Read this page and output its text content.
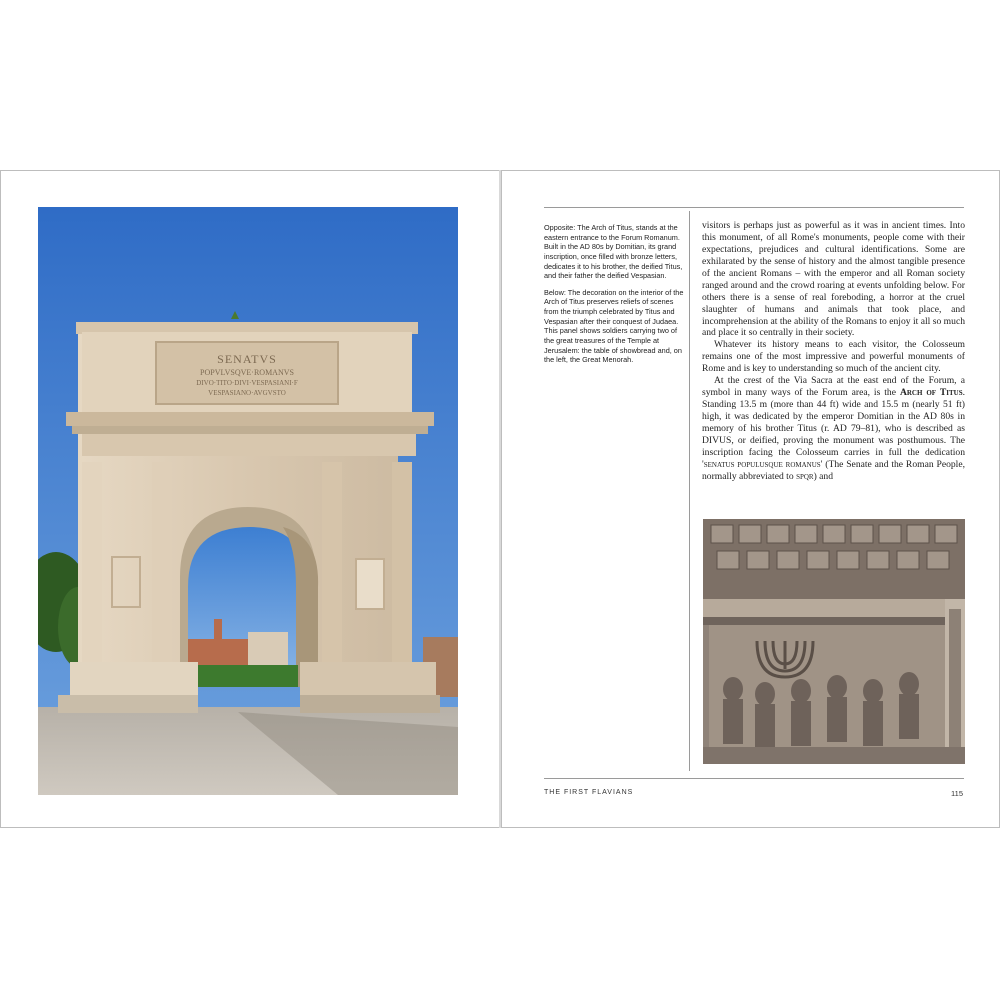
SENATVS
POPVLVSQVE·ROMANVS
DIVO·TITO·DIVI·VESPASIANI·F
VESPASIANO·AVGVSTO

Opposite: The Arch of Titus, stands at the eastern entrance to the Forum Romanum. Built in the AD 80s by Domitian, its grand inscription, once filled with bronze letters, dedicates it to his brother, the deified Titus, and their father the deified Vespasian.

Below: The decoration on the interior of the Arch of Titus preserves reliefs of scenes from the triumph celebrated by Titus and Vespasian after their conquest of Judaea. This panel shows soldiers carrying two of the great treasures of the Temple at Jerusalem: the table of showbread and, on the left, the Great Menorah.

visitors is perhaps just as powerful as it was in ancient times. Into this monument, of all Rome's monuments, people come with their expectations, prejudices and cultural identifications. Some are exhilarated by the sense of history and the almost tangible presence of the ancient Romans – with the emperor and all Roman society ranged around and the crowd roaring at events unfolding below. For others there is a sense of real foreboding, a horror at the cruel slaughter of humans and animals that took place, and incomprehension at the ability of the Romans to enjoy it all so much and place it so centrally in their society.

Whatever its history means to each visitor, the Colosseum remains one of the most impressive and powerful monuments of Rome and is key to understanding so much of the ancient city.

At the crest of the Via Sacra at the east end of the Forum, a symbol in many ways of the Forum area, is the Arch of Titus. Standing 13.5 m (more than 44 ft) wide and 15.5 m (nearly 51 ft) high, it was dedicated by the emperor Domitian in the AD 80s in memory of his brother Titus (r. AD 79–81), who is described as DIVUS, or deified, proving the monument was posthumous. The inscription facing the Colosseum carries in full the dedication 'senatus populusque romanus' (The Senate and the Roman People, normally abbreviated to spqr) and

THE FIRST FLAVIANS	115
